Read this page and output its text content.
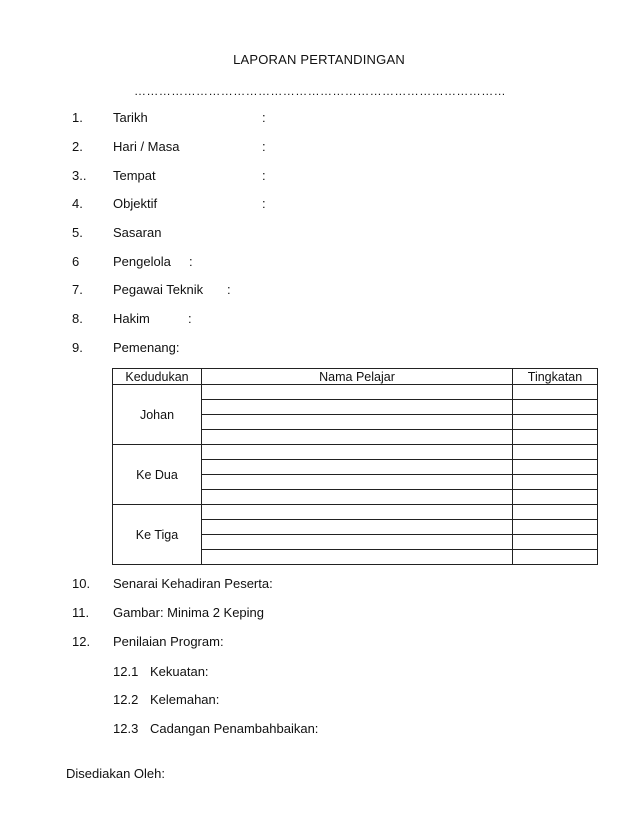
LAPORAN PERTANDINGAN
………………………………………………………………………………
1. Tarikh	:
2. Hari / Masa	:
3.. Tempat	:
4. Objektif	:
5. Sasaran
6	Pengelola :
7. Pegawai Teknik :
8. Hakim	:
9. Pemenang:
Kedudukan	Nama Pelajar	Tingkatan
Johan		

Ke Dua		

Ke Tiga		

10. Senarai Kehadiran Peserta:
11. Gambar: Minima 2 Keping
12. Penilaian Program:
12.1 Kekuatan:
12.2 Kelemahan:
12.3 Cadangan Penambahbaikan:
Disediakan Oleh:
